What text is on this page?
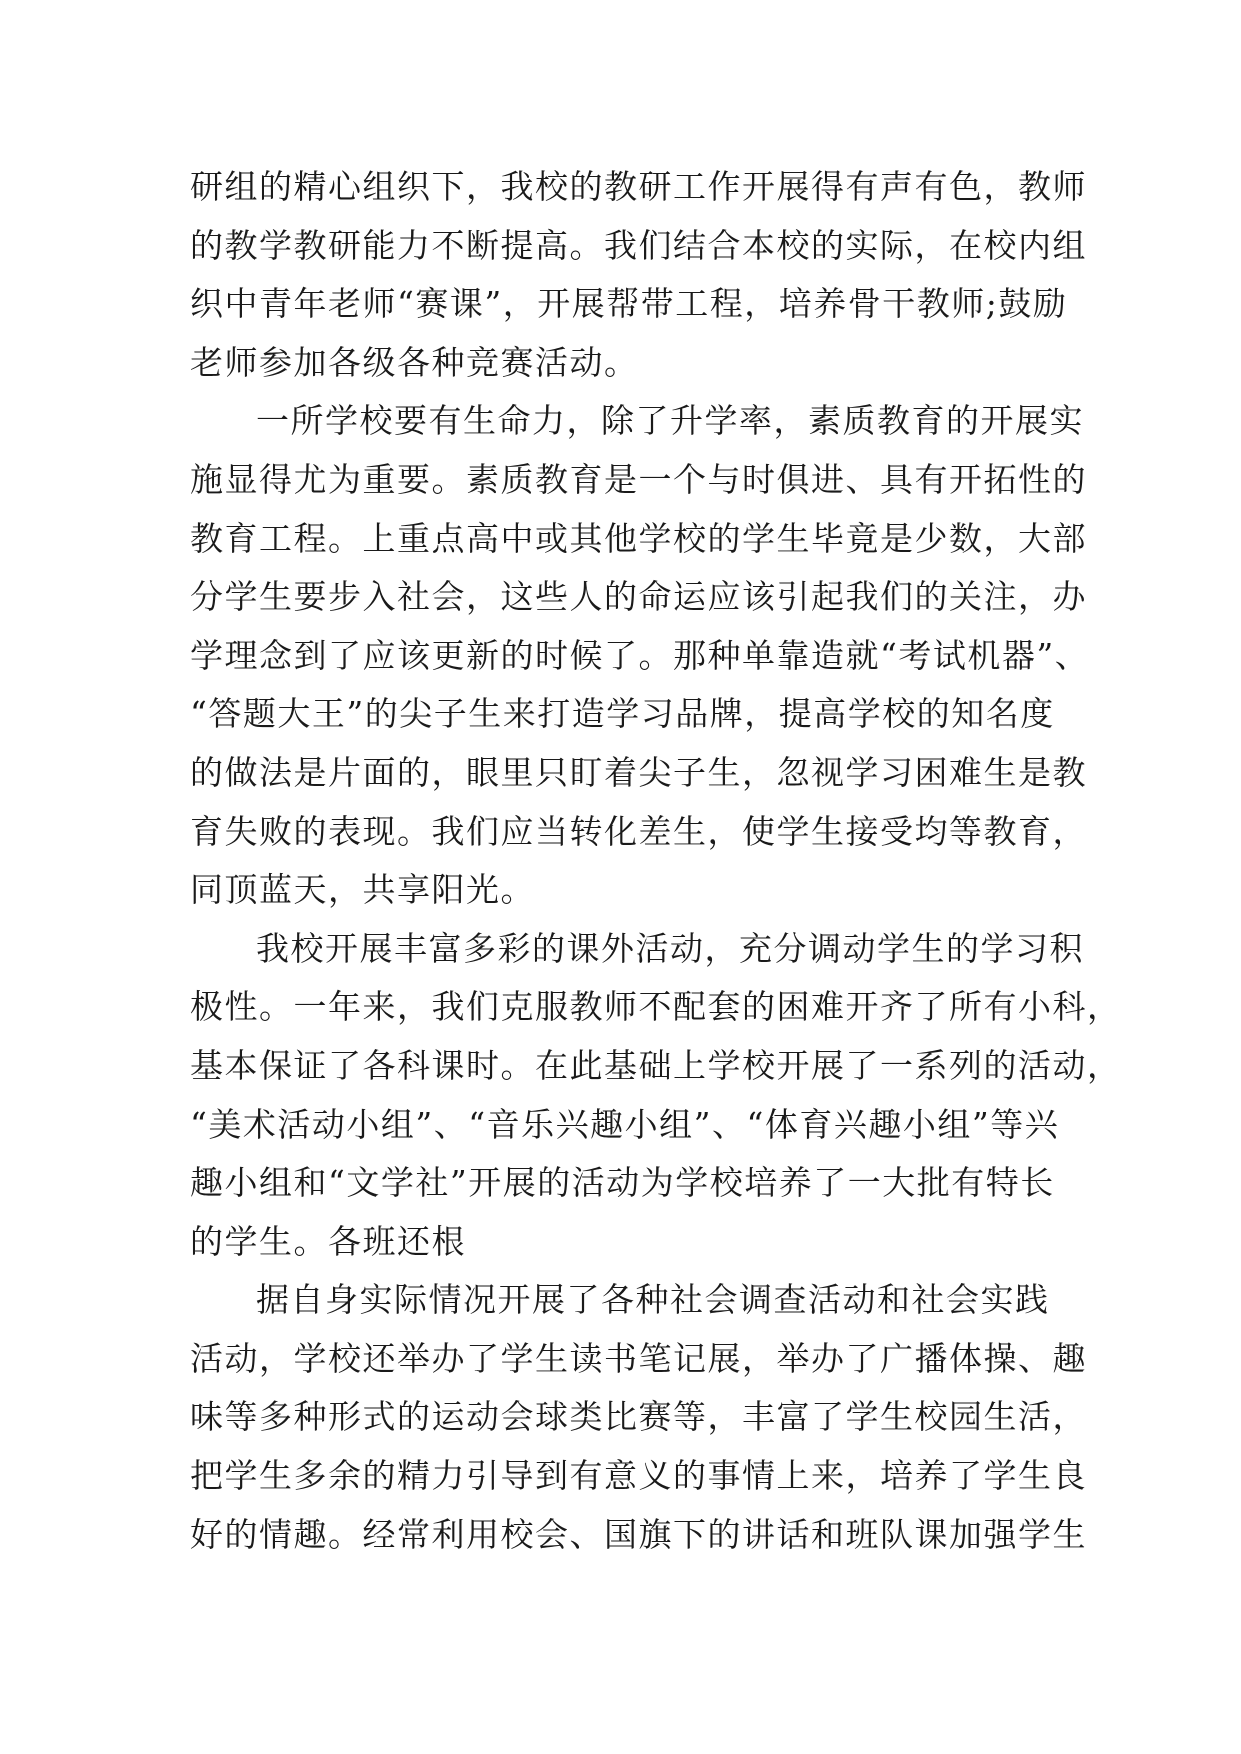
研组的精心组织下，我校的教研工作开展得有声有色，教师
的教学教研能力不断提高。我们结合本校的实际，在校内组
织中青年老师“赛课”，开展帮带工程，培养骨干教师;鼓励
老师参加各级各种竞赛活动。
一所学校要有生命力，除了升学率，素质教育的开展实
施显得尤为重要。素质教育是一个与时俱进、具有开拓性的
教育工程。上重点高中或其他学校的学生毕竟是少数，大部
分学生要步入社会，这些人的命运应该引起我们的关注，办
学理念到了应该更新的时候了。那种单靠造就“考试机器”、
“答题大王”的尖子生来打造学习品牌，提高学校的知名度
的做法是片面的，眼里只盯着尖子生，忽视学习困难生是教
育失败的表现。我们应当转化差生，使学生接受均等教育，
同顶蓝天，共享阳光。
我校开展丰富多彩的课外活动，充分调动学生的学习积
极性。一年来，我们克服教师不配套的困难开齐了所有小科，
基本保证了各科课时。在此基础上学校开展了一系列的活动，
“美术活动小组”、“音乐兴趣小组”、“体育兴趣小组”等兴
趣小组和“文学社”开展的活动为学校培养了一大批有特长
的学生。各班还根
据自身实际情况开展了各种社会调查活动和社会实践
活动，学校还举办了学生读书笔记展，举办了广播体操、趣
味等多种形式的运动会球类比赛等，丰富了学生校园生活，
把学生多余的精力引导到有意义的事情上来，培养了学生良
好的情趣。经常利用校会、国旗下的讲话和班队课加强学生
